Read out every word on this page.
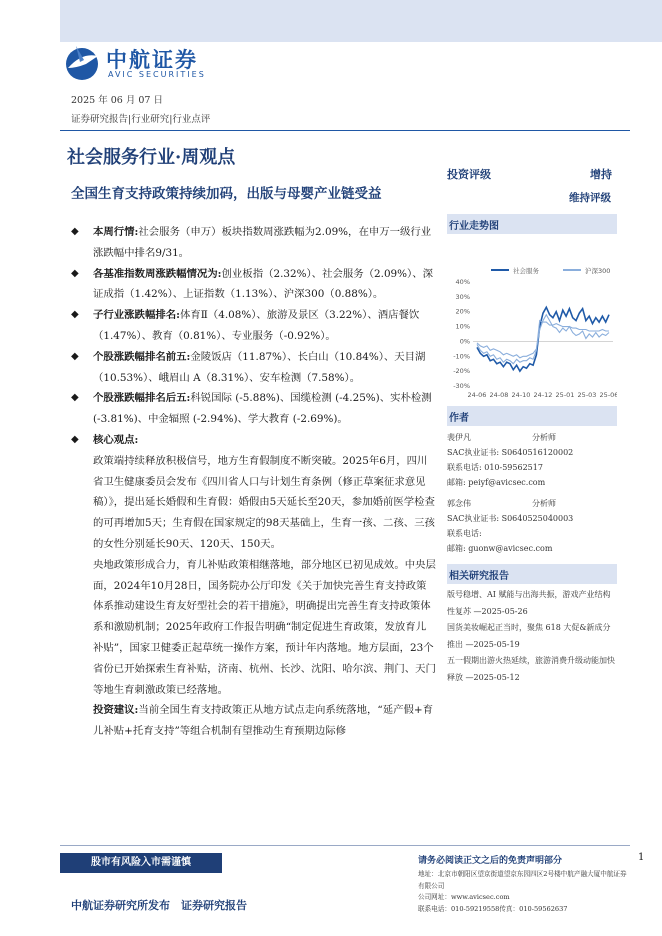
中航证券
AVIC SECURITIES
2025 年 06 月 07 日
证券研究报告|行业研究|行业点评
社会服务行业·周观点
全国生育支持政策持续加码，出版与母婴产业链受益
投资评级	增持
维持评级
◆ 本周行情:社会服务（申万）板块指数周涨跌幅为2.09%，在申万一级行业涨跌幅中排名9/31。
◆ 各基准指数周涨跌幅情况为:创业板指（2.32%）、社会服务（2.09%）、深证成指（1.42%）、上证指数（1.13%）、沪深300（0.88%）。
◆ 子行业涨跌幅排名:体育Ⅱ（4.08%）、旅游及景区（3.22%）、酒店餐饮（1.47%）、教育（0.81%）、专业服务（-0.92%）。
◆ 个股涨跌幅排名前五:金陵饭店（11.87%）、长白山（10.84%）、天目湖（10.53%）、峨眉山 A（8.31%）、安车检测（7.58%）。
◆ 个股涨跌幅排名后五:科锐国际 (-5.88%)、国缆检测 (-4.25%)、实朴检测 (-3.81%)、中金辐照 (-2.94%)、学大教育 (-2.69%)。
◆ 核心观点:
政策端持续释放积极信号，地方生育假制度不断突破。2025年6月，四川省卫生健康委员会发布《四川省人口与计划生育条例（修正草案征求意见稿）》，提出延长婚假和生育假：婚假由5天延长至20天，参加婚前医学检查的可再增加5天；生育假在国家规定的98天基础上，生育一孩、二孩、三孩的女性分别延长90天、120天、150天。
央地政策形成合力，育儿补贴政策相继落地，部分地区已初见成效。中央层面，2024年10月28日，国务院办公厅印发《关于加快完善生育支持政策体系推动建设生育友好型社会的若干措施》，明确提出完善生育支持政策体系和激励机制；2025年政府工作报告明确“制定促进生育政策，发放育儿补贴”，国家卫健委正起草统一操作方案，预计年内落地。地方层面，23个省份已开始探索生育补贴，济南、杭州、长沙、沈阳、哈尔滨、荆门、天门等地生育刺激政策已经落地。
投资建议:当前全国生育支持政策正从地方试点走向系统落地，“延产假+育儿补贴+托育支持”等组合机制有望推动生育预期边际修
行业走势图
社会服务	沪深300
40%
30%
20%
10%
0%
-10%
-20%
-30%
24-06 24-08 24-10 24-12 25-01 25-03 25-06
作者
裴伊凡	分析师
SAC执业证书: S0640516120002
联系电话: 010-59562517
邮箱: peiyf@avicsec.com
郭念伟	分析师
SAC执业证书: S0640525040003
联系电话:
邮箱: guonw@avicsec.com
相关研究报告
版号稳增、AI 赋能与出海共振，游戏产业结构性复苏 —2025-05-26
国货美妆崛起正当时，聚焦 618 大促&新成分推出 —2025-05-19
五一假期出游火热延续，旅游消费升级动能加快释放 —2025-05-12
股市有风险入市需谨慎	请务必阅读正文之后的免责声明部分	1
地址：北京市朝阳区望京街道望京东园四区2号楼中航产融大厦中航证券有限公司
公司网址：www.avicsec.com
联系电话：010-59219558传真：010-59562637
中航证券研究所发布　证券研究报告
